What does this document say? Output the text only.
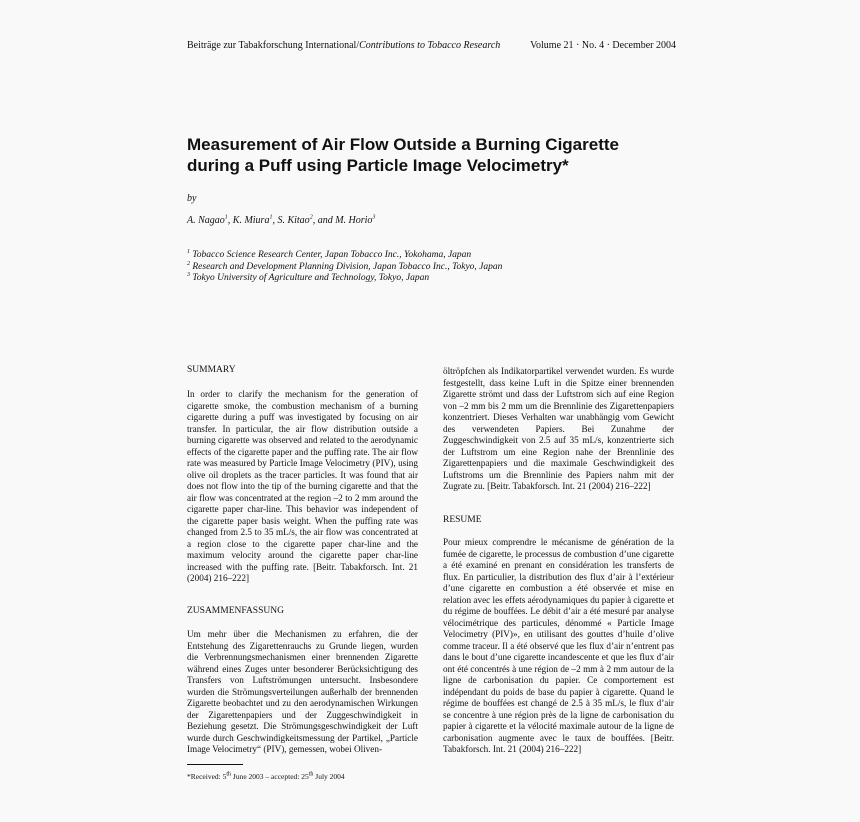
Beiträge zur Tabakforschung International/Contributions to Tobacco Research	Volume 21 · No. 4 · December 2004
Measurement of Air Flow Outside a Burning Cigarette
during a Puff using Particle Image Velocimetry*
by
A. Nagao$^1$, K. Miura$^1$, S. Kitao$^2$, and M. Horio$^3$
$^1$ Tobacco Science Research Center, Japan Tobacco Inc., Yokohama, Japan
$^2$ Research and Development Planning Division, Japan Tobacco Inc., Tokyo, Japan
$^3$ Tokyo University of Agriculture and Technology, Tokyo, Japan
SUMMARY

In order to clarify the mechanism for the generation of cigarette smoke, the combustion mechanism of a burning cigarette during a puff was investigated by focusing on air transfer. In particular, the air flow distribution outside a burning cigarette was observed and related to the aerodynamic effects of the cigarette paper and the puffing rate. The air flow rate was measured by Particle Image Velocimetry (PIV), using olive oil droplets as the tracer particles. It was found that air does not flow into the tip of the burning cigarette and that the air flow was concentrated at the region –2 to 2 mm around the cigarette paper char-line. This behavior was independent of the cigarette paper basis weight. When the puffing rate was changed from 2.5 to 35 mL/s, the air flow was concentrated at a region close to the cigarette paper char-line and the maximum velocity around the cigarette paper char-line increased with the puffing rate. [Beitr. Tabakforsch. Int. 21 (2004) 216–222]

ZUSAMMENFASSUNG

Um mehr über die Mechanismen zu erfahren, die der Entstehung des Zigarettenrauchs zu Grunde liegen, wurden die Verbrennungsmechanismen einer brennenden Zigarette während eines Zuges unter besonderer Berücksichtigung des Transfers von Luftströmungen untersucht. Insbesondere wurden die Strömungsverteilungen außerhalb der brennenden Zigarette beobachtet und zu den aerodynamischen Wirkungen der Zigarettenpapiers und der Zuggeschwindigkeit in Beziehung gesetzt. Die Strömungsgeschwindigkeit der Luft wurde durch Geschwindigkeitsmessung der Partikel, „Particle Image Velocimetry“ (PIV), gemessen, wobei Oliven-

öltröpfchen als Indikatorpartikel verwendet wurden. Es wurde festgestellt, dass keine Luft in die Spitze einer brennenden Zigarette strömt und dass der Luftstrom sich auf eine Region von –2 mm bis 2 mm um die Brennlinie des Zigarettenpapiers konzentriert. Dieses Verhalten war unabhängig vom Gewicht des verwendeten Papiers. Bei Zunahme der Zuggeschwindigkeit von 2.5 auf 35 mL/s, konzentrierte sich der Luftstrom um eine Region nahe der Brennlinie des Zigarettenpapiers und die maximale Geschwindigkeit des Luftstroms um die Brennlinie des Papiers nahm mit der Zugrate zu. [Beitr. Tabakforsch. Int. 21 (2004) 216–222]

RESUME

Pour mieux comprendre le mécanisme de génération de la fumée de cigarette, le processus de combustion d’une cigarette a été examiné en prenant en considération les transferts de flux. En particulier, la distribution des flux d’air à l’extérieur d’une cigarette en combustion a été observée et mise en relation avec les effets aérodynamiques du papier à cigarette et du régime de bouffées. Le débit d’air a été mesuré par analyse vélocimétrique des particules, dénommé « Particle Image Velocimetry (PIV)», en utilisant des gouttes d’huile d’olive comme traceur. Il a été observé que les flux d’air n’entrent pas dans le bout d’une cigarette incandescente et que les flux d’air ont été concentrés à une région de –2 mm à 2 mm autour de la ligne de carbonisation du papier. Ce comportement est indépendant du poids de base du papier à cigarette. Quand le régime de bouffées est changé de 2.5 à 35 mL/s, le flux d’air se concentre à une région près de la ligne de carbonisation du papier à cigarette et la vélocité maximale autour de la ligne de carbonisation augmente avec le taux de bouffées. [Beitr. Tabakforsch. Int. 21 (2004) 216–222]

*Received: 5th June 2003 – accepted: 25th July 2004
